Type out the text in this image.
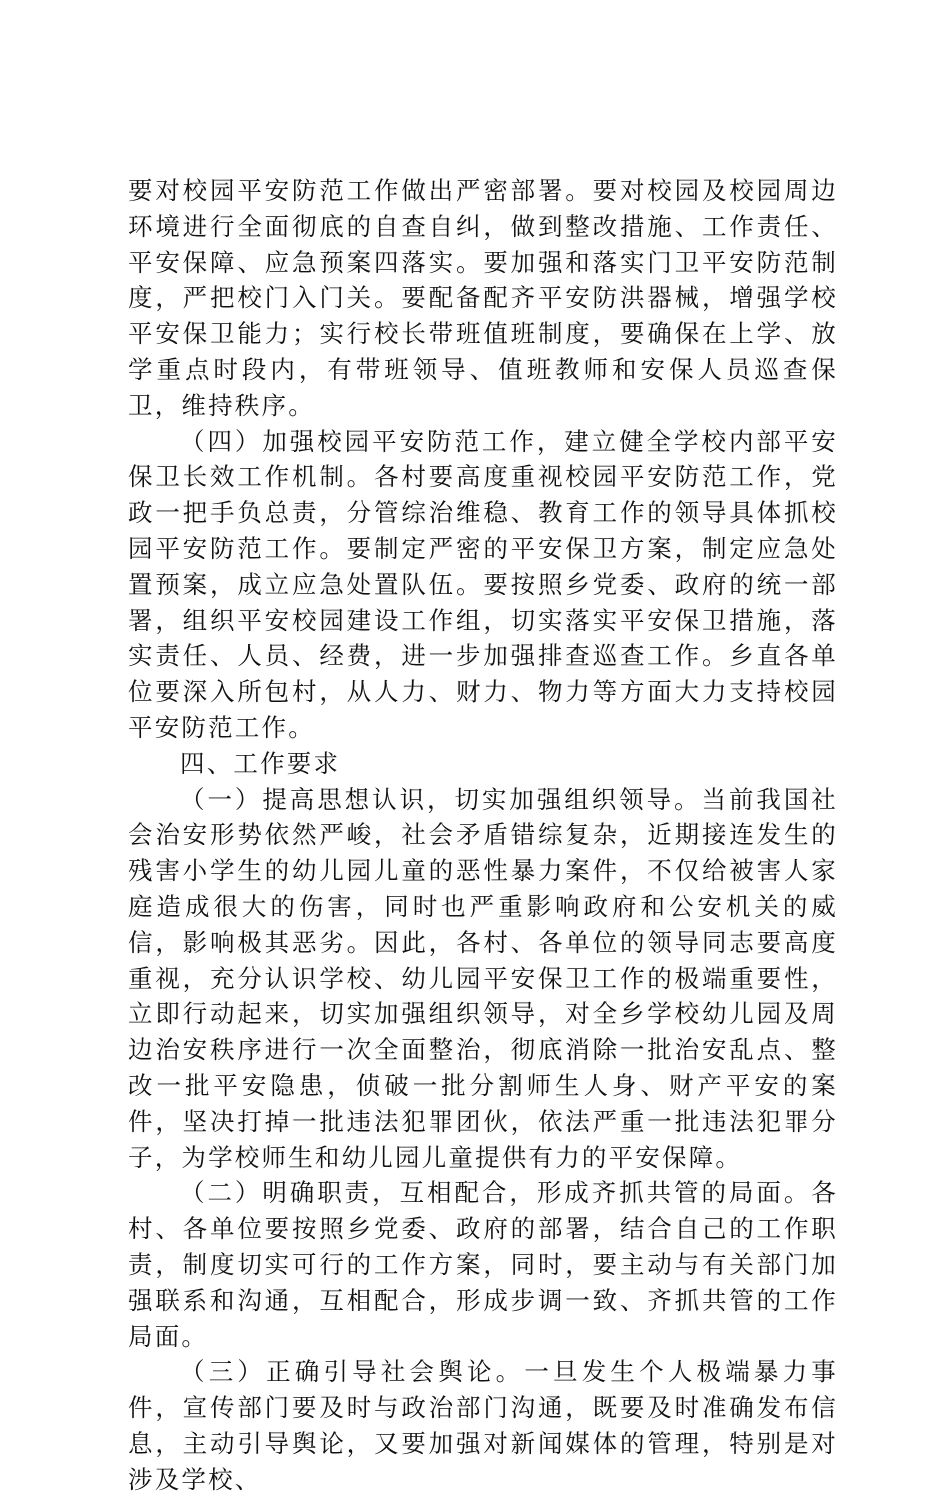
要对校园平安防范工作做出严密部署。要对校园及校园周边环境进行全面彻底的自查自纠，做到整改措施、工作责任、平安保障、应急预案四落实。要加强和落实门卫平安防范制度，严把校门入门关。要配备配齐平安防洪器械，增强学校平安保卫能力；实行校长带班值班制度，要确保在上学、放学重点时段内，有带班领导、值班教师和安保人员巡查保卫，维持秩序。

（四）加强校园平安防范工作，建立健全学校内部平安保卫长效工作机制。各村要高度重视校园平安防范工作，党政一把手负总责，分管综治维稳、教育工作的领导具体抓校园平安防范工作。要制定严密的平安保卫方案，制定应急处置预案，成立应急处置队伍。要按照乡党委、政府的统一部署，组织平安校园建设工作组，切实落实平安保卫措施，落实责任、人员、经费，进一步加强排查巡查工作。乡直各单位要深入所包村，从人力、财力、物力等方面大力支持校园平安防范工作。

四、工作要求

（一）提高思想认识，切实加强组织领导。当前我国社会治安形势依然严峻，社会矛盾错综复杂，近期接连发生的残害小学生的幼儿园儿童的恶性暴力案件，不仅给被害人家庭造成很大的伤害，同时也严重影响政府和公安机关的威信，影响极其恶劣。因此，各村、各单位的领导同志要高度重视，充分认识学校、幼儿园平安保卫工作的极端重要性，立即行动起来，切实加强组织领导，对全乡学校幼儿园及周边治安秩序进行一次全面整治，彻底消除一批治安乱点、整改一批平安隐患，侦破一批分割师生人身、财产平安的案件，坚决打掉一批违法犯罪团伙，依法严重一批违法犯罪分子，为学校师生和幼儿园儿童提供有力的平安保障。

（二）明确职责，互相配合，形成齐抓共管的局面。各村、各单位要按照乡党委、政府的部署，结合自己的工作职责，制度切实可行的工作方案，同时，要主动与有关部门加强联系和沟通，互相配合，形成步调一致、齐抓共管的工作局面。

（三）正确引导社会舆论。一旦发生个人极端暴力事件，宣传部门要及时与政治部门沟通，既要及时准确发布信息，主动引导舆论，又要加强对新闻媒体的管理，特别是对涉及学校、
